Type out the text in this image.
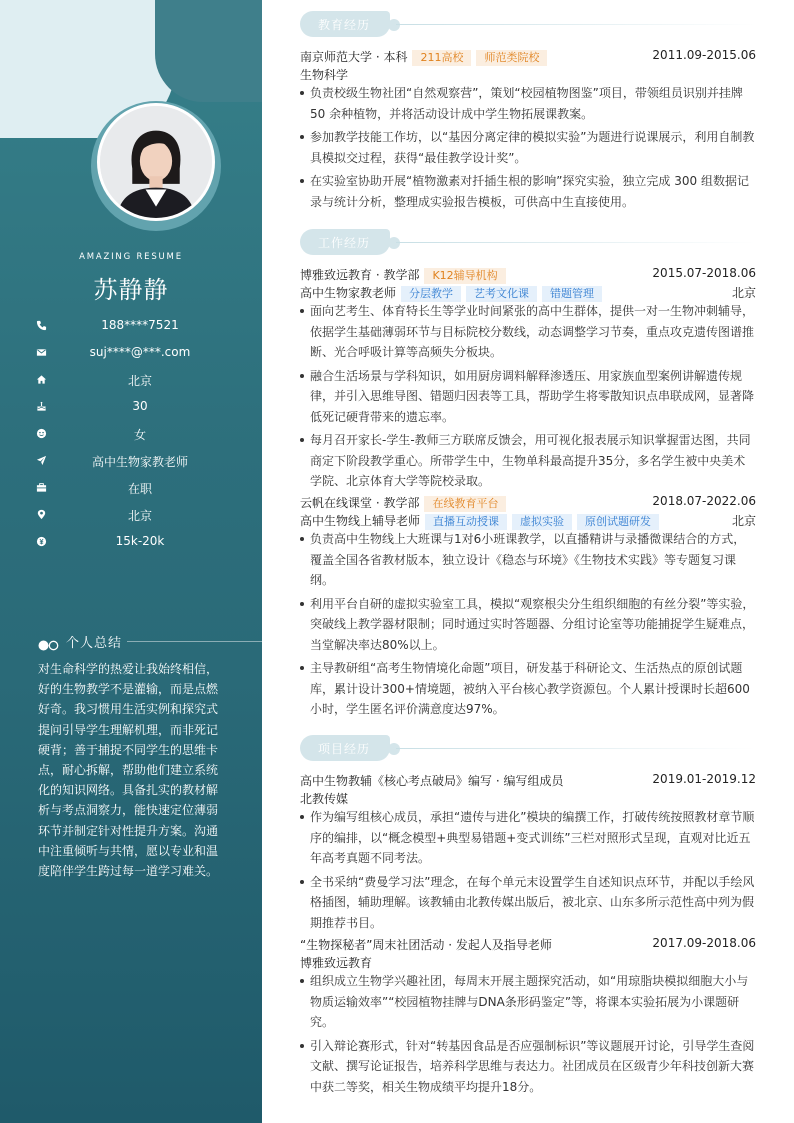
AMAZING RESUME
苏静静
188****7521
suj****@***.com
北京
30
女
高中生物家教老师
在职
北京
15k-20k
个人总结
对生命科学的热爱让我始终相信，好的生物教学不是灌输，而是点燃好奇。我习惯用生活实例和探究式提问引导学生理解机理，而非死记硬背；善于捕捉不同学生的思维卡点，耐心拆解，帮助他们建立系统化的知识网络。具备扎实的教材解析与考点洞察力，能快速定位薄弱环节并制定针对性提升方案。沟通中注重倾听与共情，愿以专业和温度陪伴学生跨过每一道学习难关。
教育经历
南京师范大学 · 本科 211高校 师范类院校	2011.09-2015.06
生物科学
负责校级生物社团“自然观察营”，策划“校园植物图鉴”项目，带领组员识别并挂牌 50 余种植物，并将活动设计成中学生物拓展课教案。
参加教学技能工作坊，以“基因分离定律的模拟实验”为题进行说课展示，利用自制教具模拟交过程，获得“最佳教学设计奖”。
在实验室协助开展“植物激素对扦插生根的影响”探究实验，独立完成 300 组数据记录与统计分析，整理成实验报告模板，可供高中生直接使用。
工作经历
博雅致远教育 · 教学部 K12辅导机构	2015.07-2018.06
高中生物家教老师 分层教学 艺考文化课 错题管理	北京
面向艺考生、体育特长生等学业时间紧张的高中生群体，提供一对一生物冲刺辅导，依据学生基础薄弱环节与目标院校分数线，动态调整学习节奏，重点攻克遗传图谱推断、光合呼吸计算等高频失分板块。
融合生活场景与学科知识，如用厨房调料解释渗透压、用家族血型案例讲解遗传规律，并引入思维导图、错题归因表等工具，帮助学生将零散知识点串联成网，显著降低死记硬背带来的遗忘率。
每月召开家长-学生-教师三方联席反馈会，用可视化报表展示知识掌握雷达图，共同商定下阶段教学重心。所带学生中，生物单科最高提升35分，多名学生被中央美术学院、北京体育大学等院校录取。
云帆在线课堂 · 教学部 在线教育平台	2018.07-2022.06
高中生物线上辅导老师 直播互动授课 虚拟实验 原创试题研发	北京
负责高中生物线上大班课与1对6小班课教学，以直播精讲与录播微课结合的方式，覆盖全国各省教材版本，独立设计《稳态与环境》《生物技术实践》等专题复习课纲。
利用平台自研的虚拟实验室工具，模拟“观察根尖分生组织细胞的有丝分裂”等实验，突破线上教学器材限制；同时通过实时答题器、分组讨论室等功能捕捉学生疑难点，当堂解决率达80%以上。
主导教研组“高考生物情境化命题”项目，研发基于科研论文、生活热点的原创试题库，累计设计300+情境题，被纳入平台核心教学资源包。个人累计授课时长超600小时，学生匿名评价满意度达97%。
项目经历
高中生物教辅《核心考点破局》编写 · 编写组成员	2019.01-2019.12
北教传媒
作为编写组核心成员，承担“遗传与进化”模块的编撰工作，打破传统按照教材章节顺序的编排，以“概念模型+典型易错题+变式训练”三栏对照形式呈现，直观对比近五年高考真题不同考法。
全书采纳“费曼学习法”理念，在每个单元末设置学生自述知识点环节，并配以手绘风格插图，辅助理解。该教辅由北教传媒出版后，被北京、山东多所示范性高中列为假期推荐书目。
“生物探秘者”周末社团活动 · 发起人及指导老师	2017.09-2018.06
博雅致远教育
组织成立生物学兴趣社团，每周末开展主题探究活动，如“用琼脂块模拟细胞大小与物质运输效率”“校园植物挂牌与DNA条形码鉴定”等，将课本实验拓展为小课题研究。
引入辩论赛形式，针对“转基因食品是否应强制标识”等议题展开讨论，引导学生查阅文献、撰写论证报告，培养科学思维与表达力。社团成员在区级青少年科技创新大赛中获二等奖，相关生物成绩平均提升18分。
